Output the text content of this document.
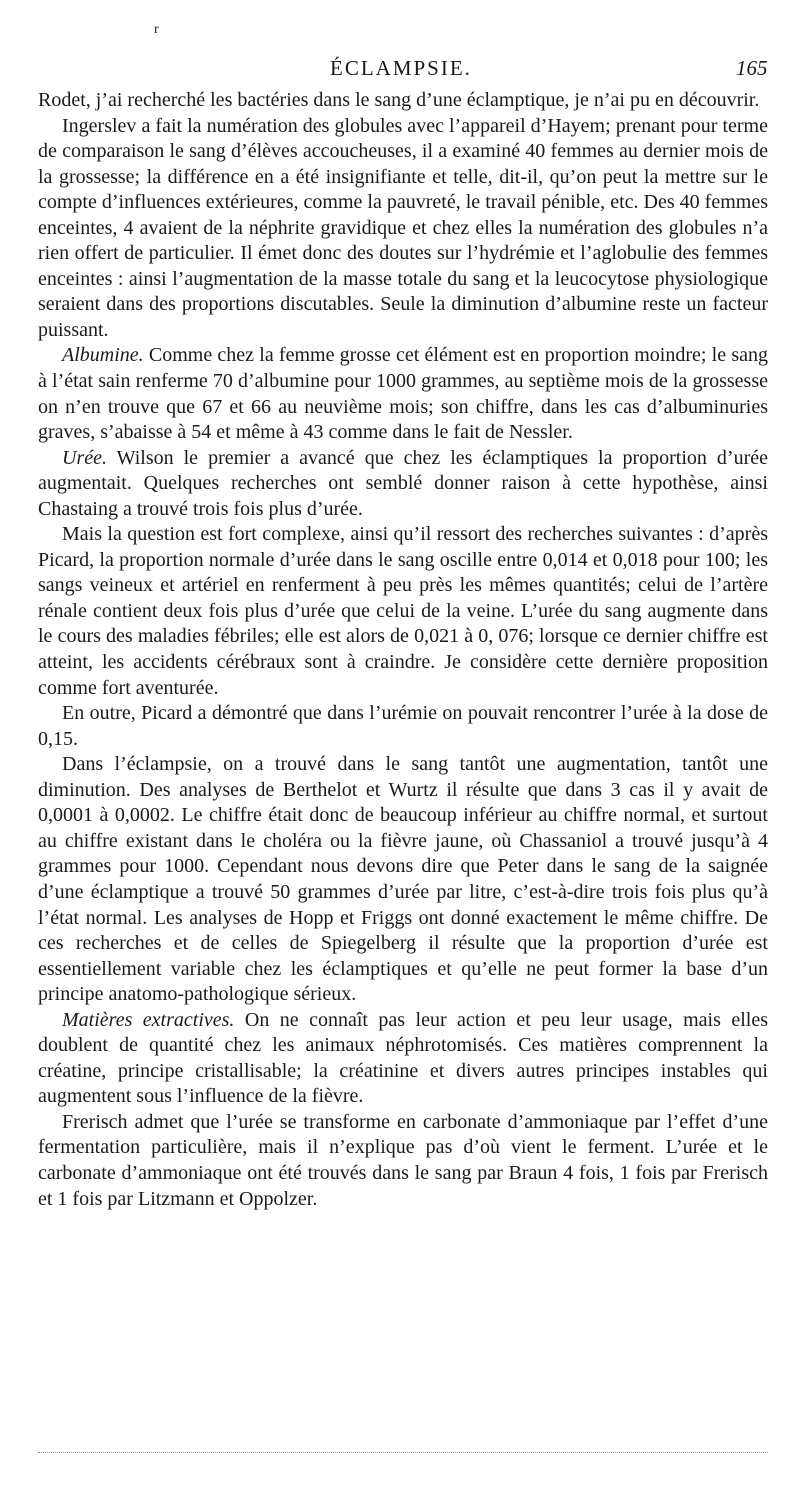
r
ÉCLAMPSIE.	165

Rodet, j’ai recherché les bactéries dans le sang d’une éclamptique, je n’ai pu en découvrir.

Ingerslev a fait la numération des globules avec l’appareil d’Hayem; prenant pour terme de comparaison le sang d’élèves accoucheuses, il a examiné 40 femmes au dernier mois de la grossesse; la différence en a été insignifiante et telle, dit-il, qu’on peut la mettre sur le compte d’influences extérieures, comme la pauvreté, le travail pénible, etc. Des 40 femmes enceintes, 4 avaient de la néphrite gravidique et chez elles la numération des globules n’a rien offert de particulier. Il émet donc des doutes sur l’hydrémie et l’aglobulie des femmes enceintes : ainsi l’augmentation de la masse totale du sang et la leucocytose physiologique seraient dans des proportions discutables. Seule la diminution d’albumine reste un facteur puissant.

Albumine. Comme chez la femme grosse cet élément est en proportion moindre; le sang à l’état sain renferme 70 d’albumine pour 1000 grammes, au septième mois de la grossesse on n’en trouve que 67 et 66 au neuvième mois; son chiffre, dans les cas d’albuminuries graves, s’abaisse à 54 et même à 43 comme dans le fait de Nessler.

Urée. Wilson le premier a avancé que chez les éclamptiques la proportion d’urée augmentait. Quelques recherches ont semblé donner raison à cette hypothèse, ainsi Chastaing a trouvé trois fois plus d’urée.

Mais la question est fort complexe, ainsi qu’il ressort des recherches suivantes : d’après Picard, la proportion normale d’urée dans le sang oscille entre 0,014 et 0,018 pour 100; les sangs veineux et artériel en renferment à peu près les mêmes quantités; celui de l’artère rénale contient deux fois plus d’urée que celui de la veine. L’urée du sang augmente dans le cours des maladies fébriles; elle est alors de 0,021 à 0, 076; lorsque ce dernier chiffre est atteint, les accidents cérébraux sont à craindre. Je considère cette dernière proposition comme fort aventurée.

En outre, Picard a démontré que dans l’urémie on pouvait rencontrer l’urée à la dose de 0,15.

Dans l’éclampsie, on a trouvé dans le sang tantôt une augmentation, tantôt une diminution. Des analyses de Berthelot et Wurtz il résulte que dans 3 cas il y avait de 0,0001 à 0,0002. Le chiffre était donc de beaucoup inférieur au chiffre normal, et surtout au chiffre existant dans le choléra ou la fièvre jaune, où Chassaniol a trouvé jusqu’à 4 grammes pour 1000. Cependant nous devons dire que Peter dans le sang de la saignée d’une éclamptique a trouvé 50 grammes d’urée par litre, c’est-à-dire trois fois plus qu’à l’état normal. Les analyses de Hopp et Friggs ont donné exactement le même chiffre. De ces recherches et de celles de Spiegelberg il résulte que la proportion d’urée est essentiellement variable chez les éclamptiques et qu’elle ne peut former la base d’un principe anatomo-pathologique sérieux.

Matières extractives. On ne connaît pas leur action et peu leur usage, mais elles doublent de quantité chez les animaux néphrotomisés. Ces matières comprennent la créatine, principe cristallisable; la créatinine et divers autres principes instables qui augmentent sous l’influence de la fièvre.

Frerisch admet que l’urée se transforme en carbonate d’ammoniaque par l’effet d’une fermentation particulière, mais il n’explique pas d’où vient le ferment. L’urée et le carbonate d’ammoniaque ont été trouvés dans le sang par Braun 4 fois, 1 fois par Frerisch et 1 fois par Litzmann et Oppolzer.
